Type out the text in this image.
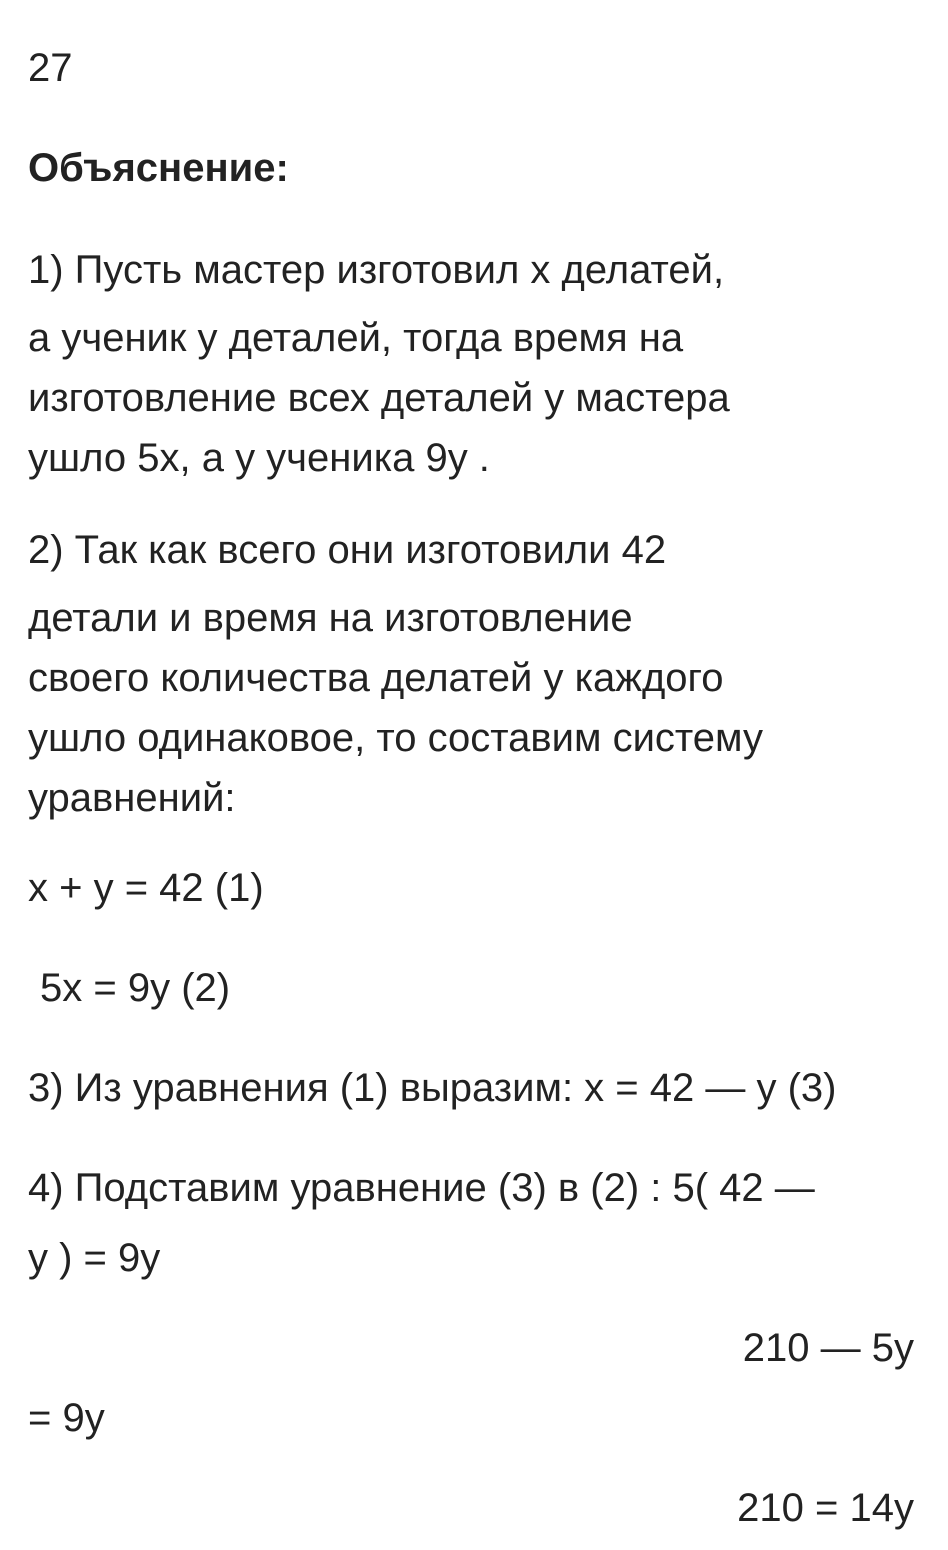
27

Объяснение:

1) Пусть мастер изготовил х делатей,

а ученик у деталей, тогда время на

изготовление всех деталей у мастера

ушло 5х, а у ученика 9у .

2) Так как всего они изготовили 42

детали и время на изготовление

своего количества делатей у каждого

ушло одинаковое, то составим систему

уравнений:

х + у = 42 (1)

5х = 9у (2)

3) Из уравнения (1) выразим: х = 42 — у (3)

4) Подставим уравнение (3) в (2) : 5( 42 —

у ) = 9у

210 — 5у

= 9у

210 = 14у
